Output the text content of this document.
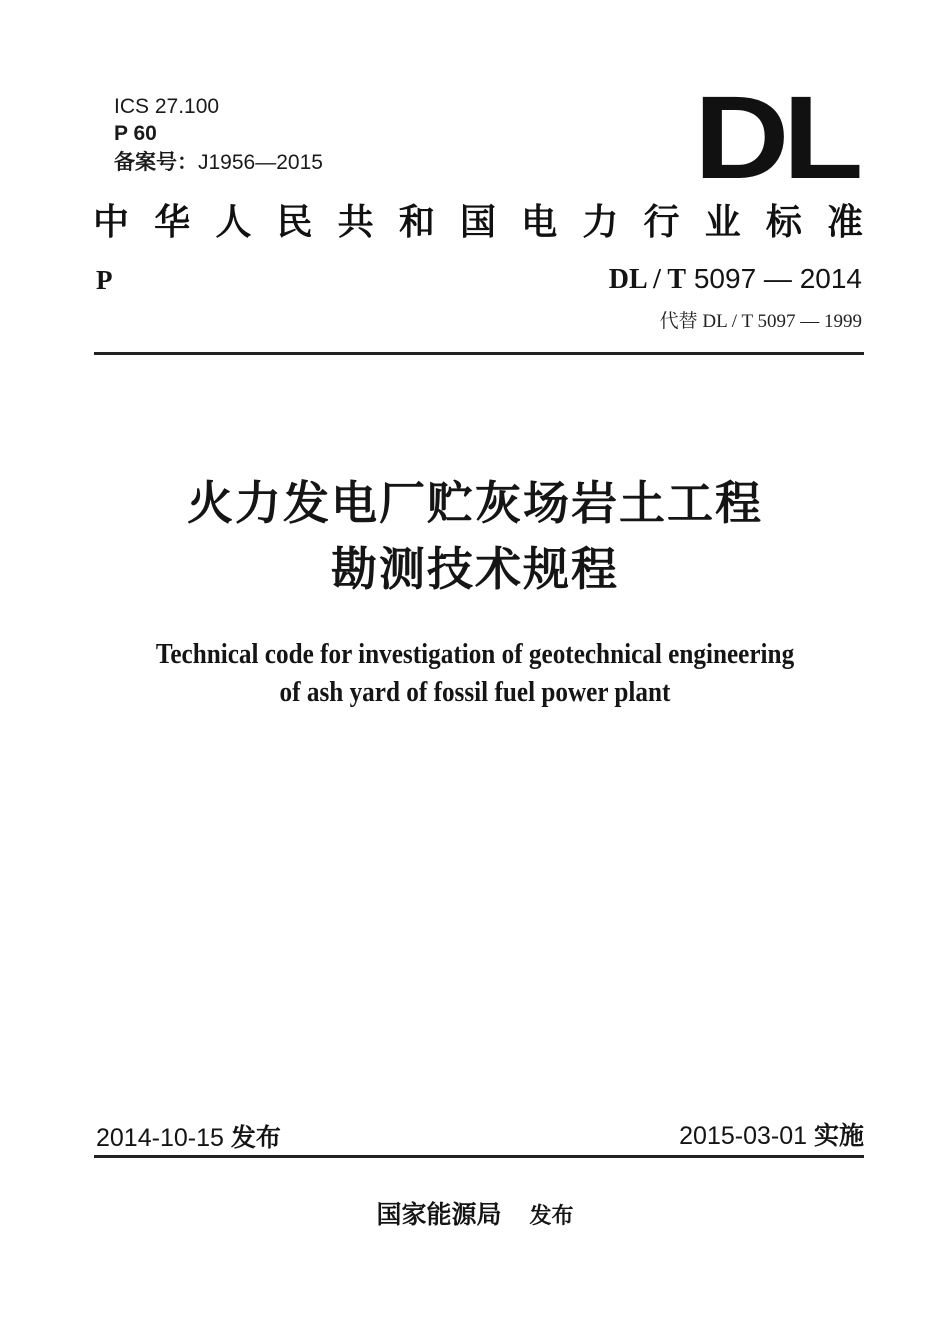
ICS 27.100
P 60
备案号：J1956—2015	DL
中华人民共和国电力行业标准
P	DL / T 5097 — 2014
代替 DL / T 5097 — 1999
火力发电厂贮灰场岩土工程
勘测技术规程
Technical code for investigation of geotechnical engineering
of ash yard of fossil fuel power plant
2014-10-15 发布	2015-03-01 实施
国家能源局 发布
